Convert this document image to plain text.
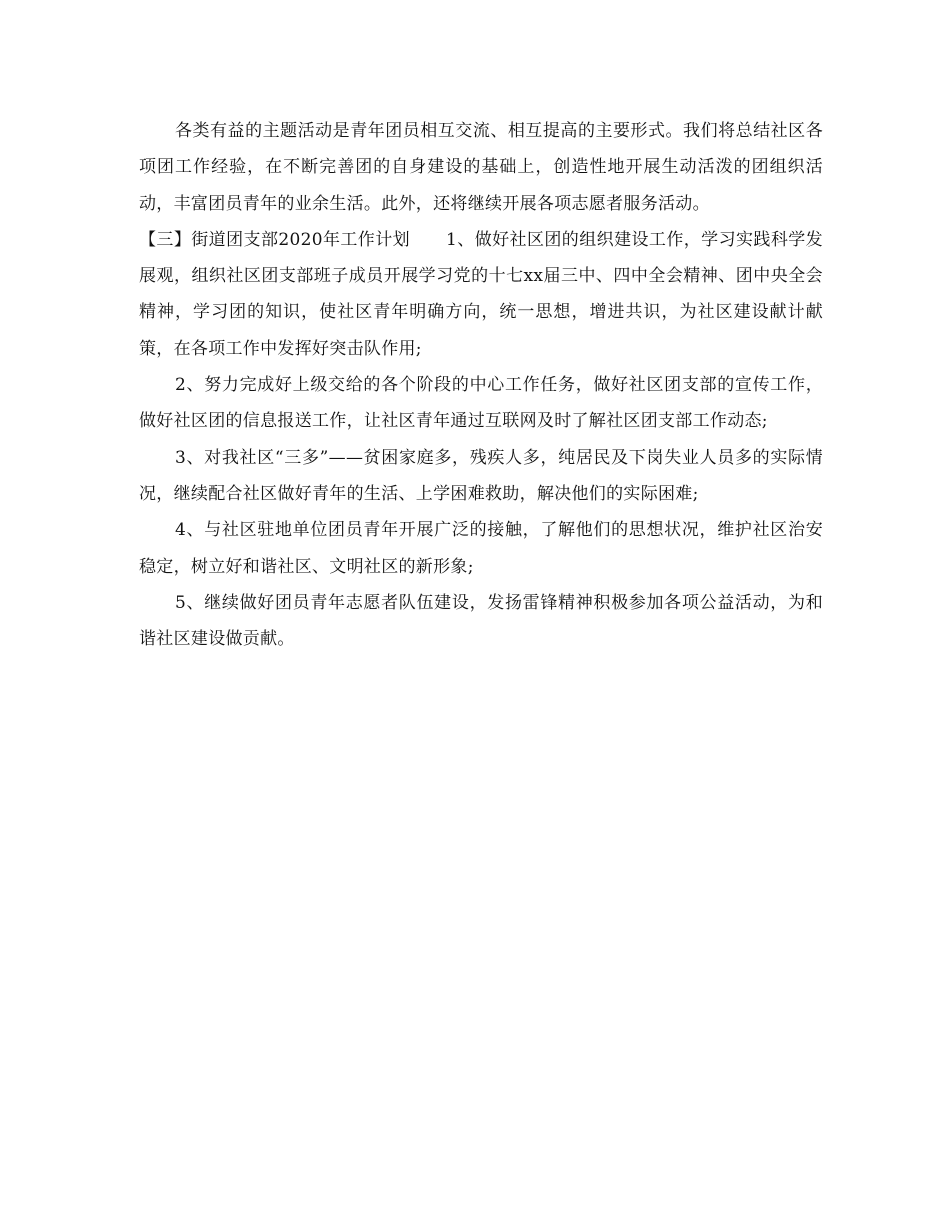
各类有益的主题活动是青年团员相互交流、相互提高的主要形式。我们将总结社区各项团工作经验，在不断完善团的自身建设的基础上，创造性地开展生动活泼的团组织活动，丰富团员青年的业余生活。此外，还将继续开展各项志愿者服务活动。

【三】街道团支部2020年工作计划 1、做好社区团的组织建设工作，学习实践科学发展观，组织社区团支部班子成员开展学习党的十七xx届三中、四中全会精神、团中央全会精神，学习团的知识，使社区青年明确方向，统一思想，增进共识，为社区建设献计献策，在各项工作中发挥好突击队作用;

2、努力完成好上级交给的各个阶段的中心工作任务，做好社区团支部的宣传工作，做好社区团的信息报送工作，让社区青年通过互联网及时了解社区团支部工作动态;

3、对我社区“三多”——贫困家庭多，残疾人多，纯居民及下岗失业人员多的实际情况，继续配合社区做好青年的生活、上学困难救助，解决他们的实际困难;

4、与社区驻地单位团员青年开展广泛的接触，了解他们的思想状况，维护社区治安稳定，树立好和谐社区、文明社区的新形象;

5、继续做好团员青年志愿者队伍建设，发扬雷锋精神积极参加各项公益活动，为和谐社区建设做贡献。
